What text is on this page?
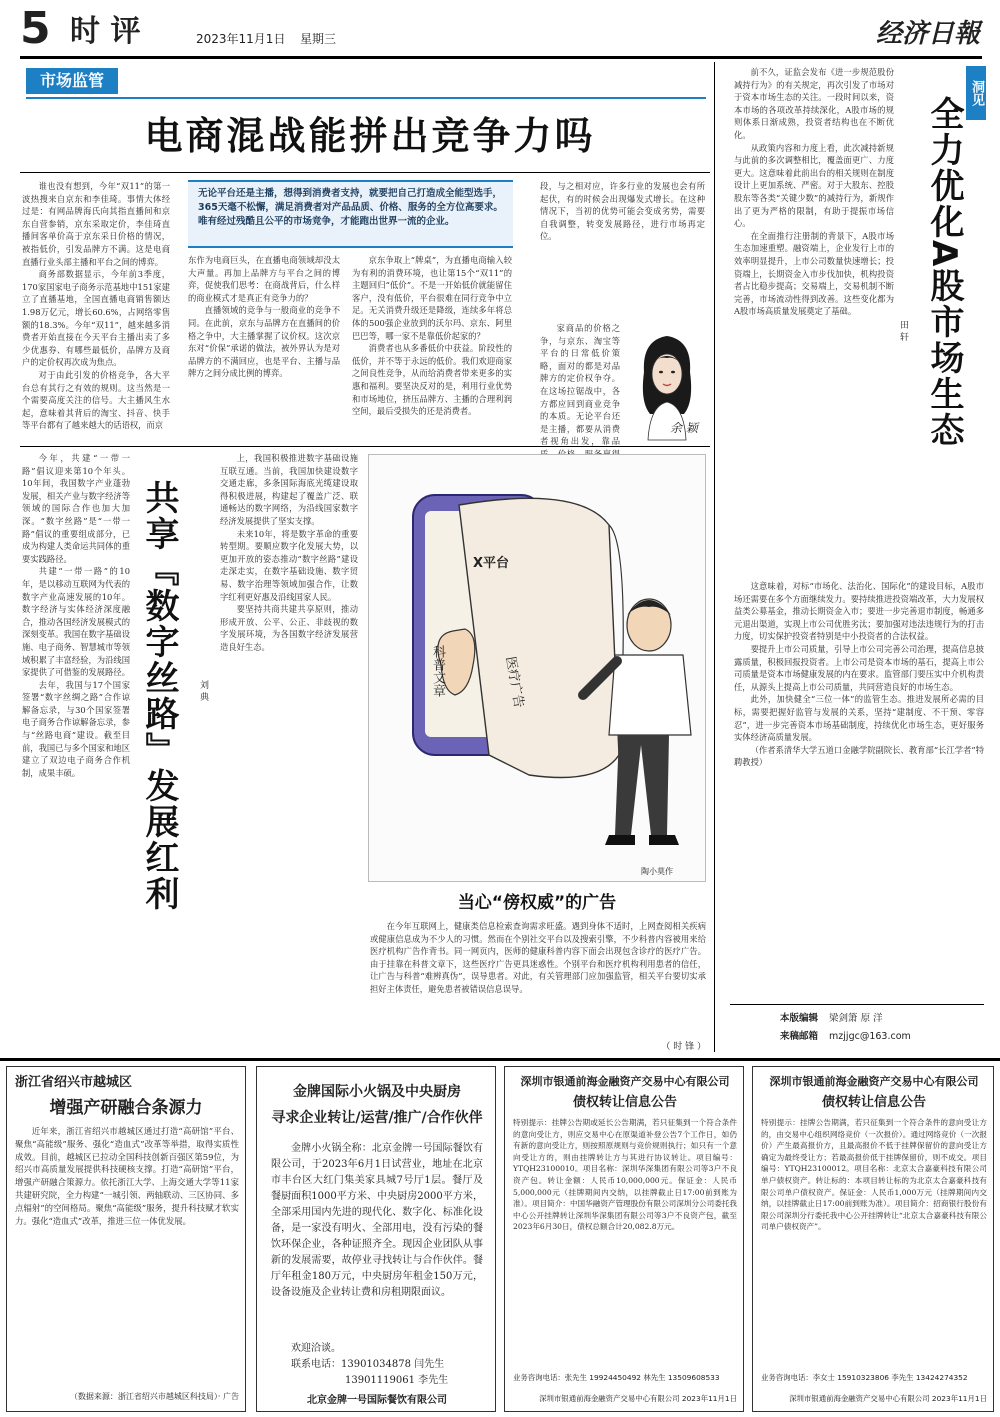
5 时 评	2023年11月1日	星期三	经济日報
市场监管
电商混战能拼出竞争力吗

谁也没有想到，今年“双11”的第一波热搜来自京东和李佳琦。事情大体经过是：有网品牌海氏向其指直播间和京东自营参销，京东采取定价，李佳琦直播间客单价高于京东采日价格的情况，被指低价，引发品牌方不满。这是电商直播行业头部主播和平台之间的博弈。

商务部数据显示，今年前3季度，170家国家电子商务示范基地中151家建立了直播基地，全国直播电商销售额达1.98万亿元，增长60.6%，占网络零售额的18.3%。今年“双11”，越来越多消费者开始直接在今天平台主播出卖了多少优惠券、有哪些最低价，品牌方及商户的定价权再次成为焦点。

对于由此引发的价格竞争，各大平台总有其行之有效的规则。这当然是一个需要高度关注的信号。大主播风生水起，意味着其背后的淘宝、抖音、快手等平台都有了越来越大的话语权，而京

无论平台还是主播，想得到消费者支持，就要把自己打造成全能型选手，365天毫不松懈，满足消费者对产品品质、价格、服务的全方位高要求。唯有经过残酷且公平的市场竞争，才能跑出世界一流的企业。

东作为电商巨头，在直播电商领域却没太大声量。再加上品牌方与平台之间的博弈，促使我们思考：在商战背后，什么样的商业模式才是真正有竞争力的？

直播领域的竞争与一般商业的竞争不同。在此前，京东与品牌方在直播间的价格之争中，大主播掌握了议价权。这次京东对“价保”承诺的做法，被外界认为是对品牌方的不满回应，也是平台、主播与品牌方之间分成比例的博弈。

京东争取上“牌桌”，为直播电商输入较为有利的消费环境，也让第15个“双11”的主题回归“低价”。不是一开始低价就能留住客户，没有低价，平台很难在同行竞争中立足。无关消费升级还是降级，连续多年将总体的500强企业放到的沃尔玛、京东、阿里巴巴等，哪一家不是靠低价起家的？

消费者也从多番低价中获益。阶段性的低价，并不等于永远的低价。我们欢迎商家之间良性竞争，从而给消费者带来更多的实惠和福利。要坚决反对的是，利用行业优势和市场地位，挤压品牌方、主播的合理利润空间，最后受损失的还是消费者。

段，与之相对应，许多行业的发展也会有所起伏，有的时候会出现爆发式增长。在这种情况下，当初的优势可能会变成劣势，需要自我调整，转变发展路径，进行市场再定位。

家商品的价格之争，与京东、淘宝等平台的日常低价策略，面对的都是对品牌方的定价权争夺。在这场拉锯战中，各方都应回到商业竞争的本质。无论平台还是主播，都要从消费者视角出发，靠品

余 颖
洞见
全力优化A股市场生态
田 轩

前不久，证监会发布《进一步规范股份减持行为》的有关规定，再次引发了市场对于资本市场生态的关注。一段时间以来，资本市场的各项改革持续深化，A股市场的规则体系日渐成熟，投资者结构也在不断优化。

从政策内容和力度上看，此次减持新规与此前的多次调整相比，覆盖面更广、力度更大。这意味着此前出台的相关规则在制度设计上更加系统、严密。对于大股东、控股股东等各类“关键少数”的减持行为，新规作出了更为严格的限制，有助于提振市场信心。

在全面推行注册制的背景下，A股市场生态加速重塑。融资端上，企业发行上市的效率明显提升，上市公司数量快速增长；投资端上，长期资金入市步伐加快，机构投资者占比稳步提高；交易端上，交易机制不断完善，市场流动性得到改善。这些变化都为A股市场高质量发展奠定了基础。

这意味着，对标“市场化、法治化、国际化”的建设目标，A股市场还需要在多个方面继续发力。要持续推进投资端改革，大力发展权益类公募基金，推动长期资金入市；要进一步完善退市制度，畅通多元退出渠道，实现上市公司优胜劣汰；要加强对违法违规行为的打击力度，切实保护投资者特别是中小投资者的合法权益。

要提升上市公司质量，引导上市公司完善公司治理，提高信息披露质量，积极回报投资者。上市公司是资本市场的基石，提高上市公司质量是资本市场健康发展的内在要求。监管部门要压实中介机构责任，从源头上提高上市公司质量，共同营造良好的市场生态。

此外，加快健全“三位一体”的监管生态。推进发展所必需的目标，需要把握好监管与发展的关系，坚持“建制度、不干预、零容忍”，进一步完善资本市场基础制度，持续优化市场生态，更好服务实体经济高质量发展。

（作者系清华大学五道口金融学院副院长、教育部“长江学者”特聘教授）

本版编辑 梁剑箫 原 洋
来稿邮箱 mzjjgc@163.com

今年，共建“一带一路”倡议迎来第10个年头。10年间，我国数字产业蓬勃发展，相关产业与数字经济等领域的国际合作也加大加深。“数字丝路”是“一带一路”倡议的重要组成部分，已成为构建人类命运共同体的重要实践路径。

共建“一带一路”的10年，是以移动互联网为代表的数字产业高速发展的10年。数字经济与实体经济深度融合，推动各国经济发展模式的深刻变革。我国在数字基础设施、电子商务、智慧城市等领域积累了丰富经验，为沿线国家提供了可借鉴的发展路径。

去年，我国与17个国家签署“数字丝绸之路”合作谅解备忘录，与30个国家签署电子商务合作谅解备忘录，参与“丝路电商”建设。截至目前，我国已与多个国家和地区建立了双边电子商务合作机制，成果丰硕。	共享『数字丝路』发展红利	刘 典

上，我国积极推进数字基础设施互联互通。当前，我国加快建设数字交通走廊，多条国际海底光缆建设取得积极进展，构建起了覆盖广泛、联通畅达的数字网络，为沿线国家数字经济发展提供了坚实支撑。

未来10年，将是数字革命的重要转型期。要顺应数字化发展大势，以更加开放的姿态推动“数字丝路”建设走深走实，在数字基础设施、数字贸易、数字治理等领域加强合作，让数字红利更好惠及沿线国家人民。

要坚持共商共建共享原则，推动形成开放、公平、公正、非歧视的数字发展环境，为各国数字经济发展营造良好生态。

X平台
科普文章	医疗广告
陶小莫作
当心“傍权威”的广告

在今年互联网上，健康类信息检索查询需求旺盛。遇到身体不适时，上网查阅相关疾病或健康信息成为不少人的习惯。然而在个别社交平台以及搜索引擎，不少科普内容被用来给医疗机构广告作背书。同一网页内，医师的健康科普内容下面会出现包含诊疗的医疗广告。由于挂靠在科普文章下，这些医疗广告更具迷惑性。个别平台和医疗机构利用患者的信任，让广告与科普“难辨真伪”，误导患者。对此，有关管理部门应加强监管，相关平台要切实承担好主体责任，避免患者被错误信息误导。

（ 时 锋 ）
浙江省绍兴市越城区
增强产研融合条源力
近年来，浙江省绍兴市越城区通过打造“高研馆”平台、聚焦“高能级”服务、强化“造血式”改革等举措，取得实质性成效。目前，越城区已拉动全国科技创新百强区第59位，为绍兴市高质量发展提供科技硬核支撑。打造“高研馆”平台，增强产研融合策源力。依托浙江大学、上海交通大学等11家共建研究院，全力构建“一城引领、两轴联动、三区协同、多点辐射”的空间格局。聚焦“高能级”服务，提升科技赋才软实力。强化“造血式”改革，推进三位一体优发展。
（数据来源：浙江省绍兴市越城区科技局）· 广告
金牌国际小火锅及中央厨房
寻求企业转让/运营/推广/合作伙伴
金牌小火锅全称：北京金牌一号国际餐饮有限公司，于2023年6月1日试营业，地址在北京市丰台区大红门集美家具城7号厅1层。餐厅及餐厨面积1000平方米、中央厨房2000平方米，全部采用国内先进的现代化、数字化、标准化设备，是一家没有明火、全部用电，没有污染的餐饮环保企业，各种证照齐全。现因企业团队从事新的发展需要，故停业寻找转让与合作伙伴。餐厅年租金180万元，中央厨房年租金150万元，设备设施及企业转让费和房租期限面议。
欢迎洽谈。
联系电话：13901034878 闫先生
13901119061 李先生
北京金牌一号国际餐饮有限公司
深圳市银通前海金融资产交易中心有限公司
债权转让信息公告
特别提示：挂牌公告期或延长公告期满，若只征集到一个符合条件的意向受让方，则应交易中心在原渠道补登公告7个工作日，如仍有新的意向受让方，则按照原规则与竞价规则执行；如只有一个意向受让方的，则由挂牌转让方与其进行协议转让。项目编号：YTQH23100010。项目名称：深圳华深集团有限公司等3户不良资产包。转让金额：人民币10,000,000元。保证金：人民币5,000,000元（挂牌期间内交纳，以挂牌截止日17:00前到账为准）。项目简介：中国华融资产管理股份有限公司深圳分公司委托我中心公开挂牌转让深圳华深集团有限公司等3户不良资产包，截至2023年6月30日，债权总额合计20,082.8万元。
业务咨询电话：张先生 19924450492 林先生 13509608533
深圳市银通前海金融资产交易中心有限公司 2023年11月1日
深圳市银通前海金融资产交易中心有限公司
债权转让信息公告
特别提示：挂牌公告期满，若只征集到一个符合条件的意向受让方的，由交易中心组织网络竞价（一次报价）。通过网络竞价（一次报价）产生最高报价方，且最高报价不低于挂牌保留价的意向受让方确定为最终受让方；若最高报价低于挂牌保留价，则不成交。项目编号：YTQH23100012。项目名称：北京太合嘉豪科技有限公司单户债权资产。转让标的：本项目转让标的为北京太合嘉豪科技有限公司单户债权资产。保证金：人民币1,000万元（挂牌期间内交纳，以挂牌截止日17:00前到账为准）。项目简介：招商银行股份有限公司深圳分行委托我中心公开挂牌转让“北京太合嘉豪科技有限公司单户债权资产”。
业务咨询电话：李女士 15910323806 李先生 13424274352
深圳市银通前海金融资产交易中心有限公司 2023年11月1日
